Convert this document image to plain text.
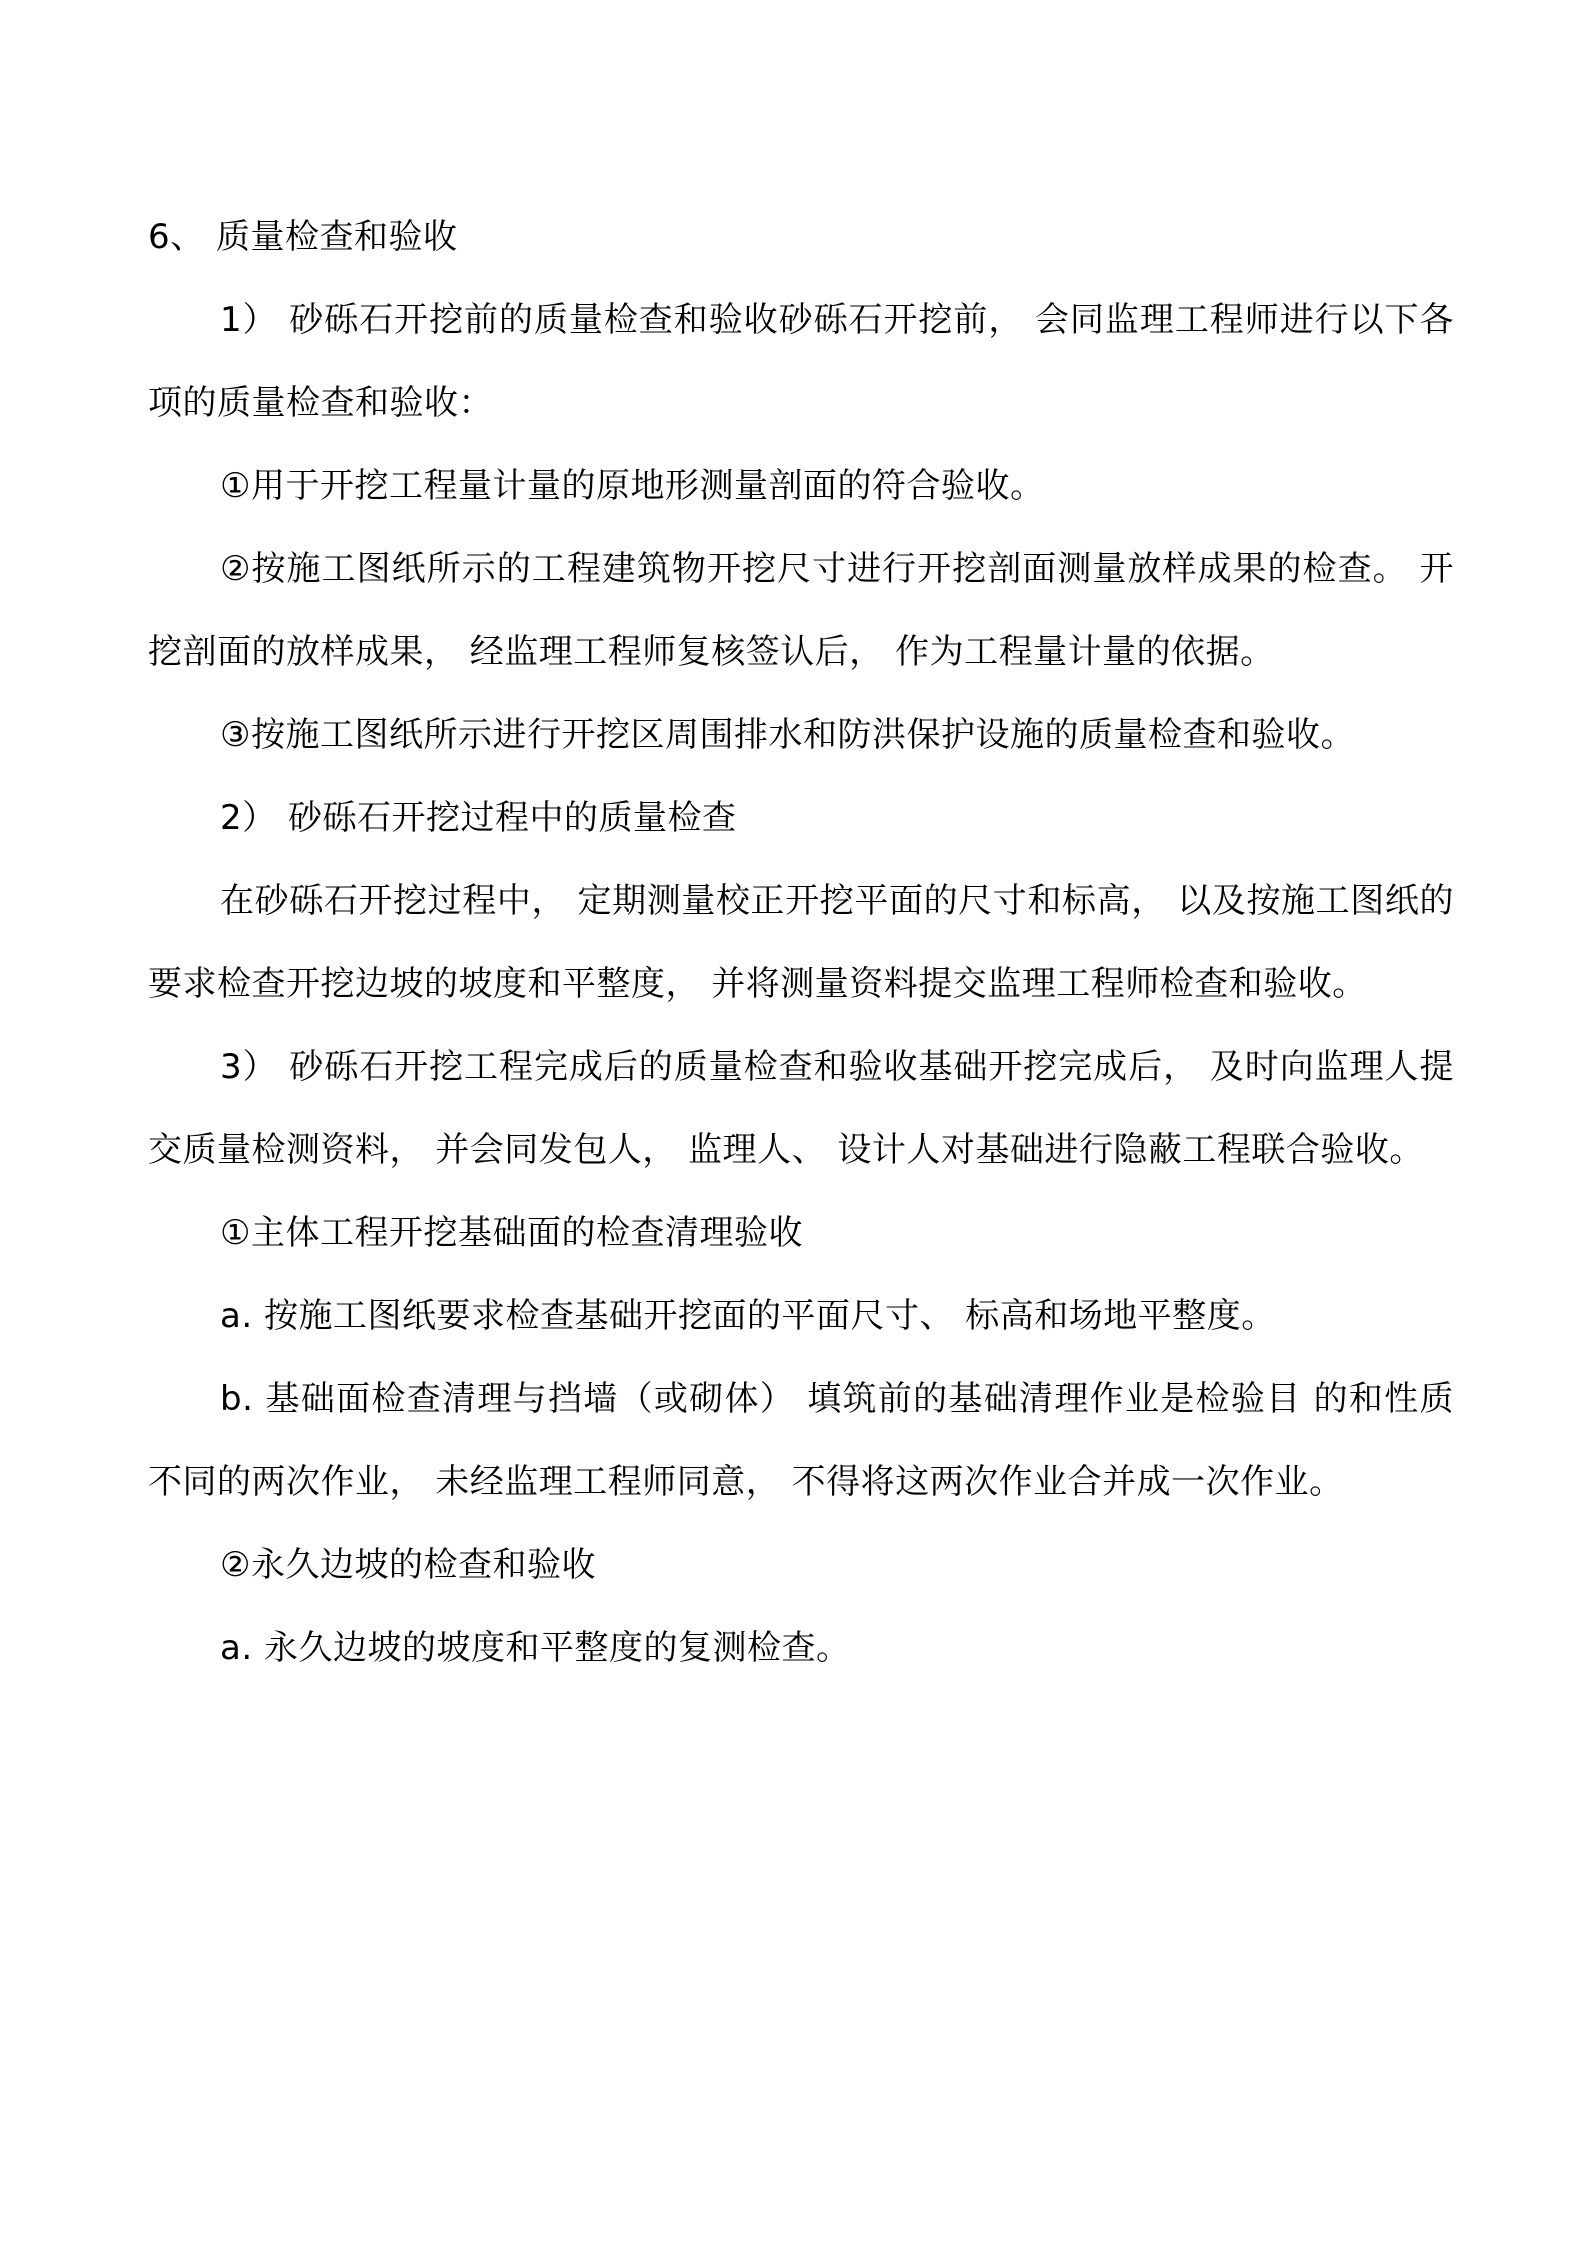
6、 质量检查和验收

1） 砂砾石开挖前的质量检查和验收砂砾石开挖前， 会同监理工程师进行以下各项的质量检查和验收：

①用于开挖工程量计量的原地形测量剖面的符合验收。

②按施工图纸所示的工程建筑物开挖尺寸进行开挖剖面测量放样成果的检查。 开挖剖面的放样成果， 经监理工程师复核签认后， 作为工程量计量的依据。

③按施工图纸所示进行开挖区周围排水和防洪保护设施的质量检查和验收。

2） 砂砾石开挖过程中的质量检查

在砂砾石开挖过程中， 定期测量校正开挖平面的尺寸和标高， 以及按施工图纸的要求检查开挖边坡的坡度和平整度， 并将测量资料提交监理工程师检查和验收。

3） 砂砾石开挖工程完成后的质量检查和验收基础开挖完成后， 及时向监理人提交质量检测资料， 并会同发包人， 监理人、 设计人对基础进行隐蔽工程联合验收。

①主体工程开挖基础面的检查清理验收

a. 按施工图纸要求检查基础开挖面的平面尺寸、 标高和场地平整度。

b. 基础面检查清理与挡墙（或砌体） 填筑前的基础清理作业是检验目 的和性质不同的两次作业， 未经监理工程师同意， 不得将这两次作业合并成一次作业。

②永久边坡的检查和验收

a. 永久边坡的坡度和平整度的复测检查。
